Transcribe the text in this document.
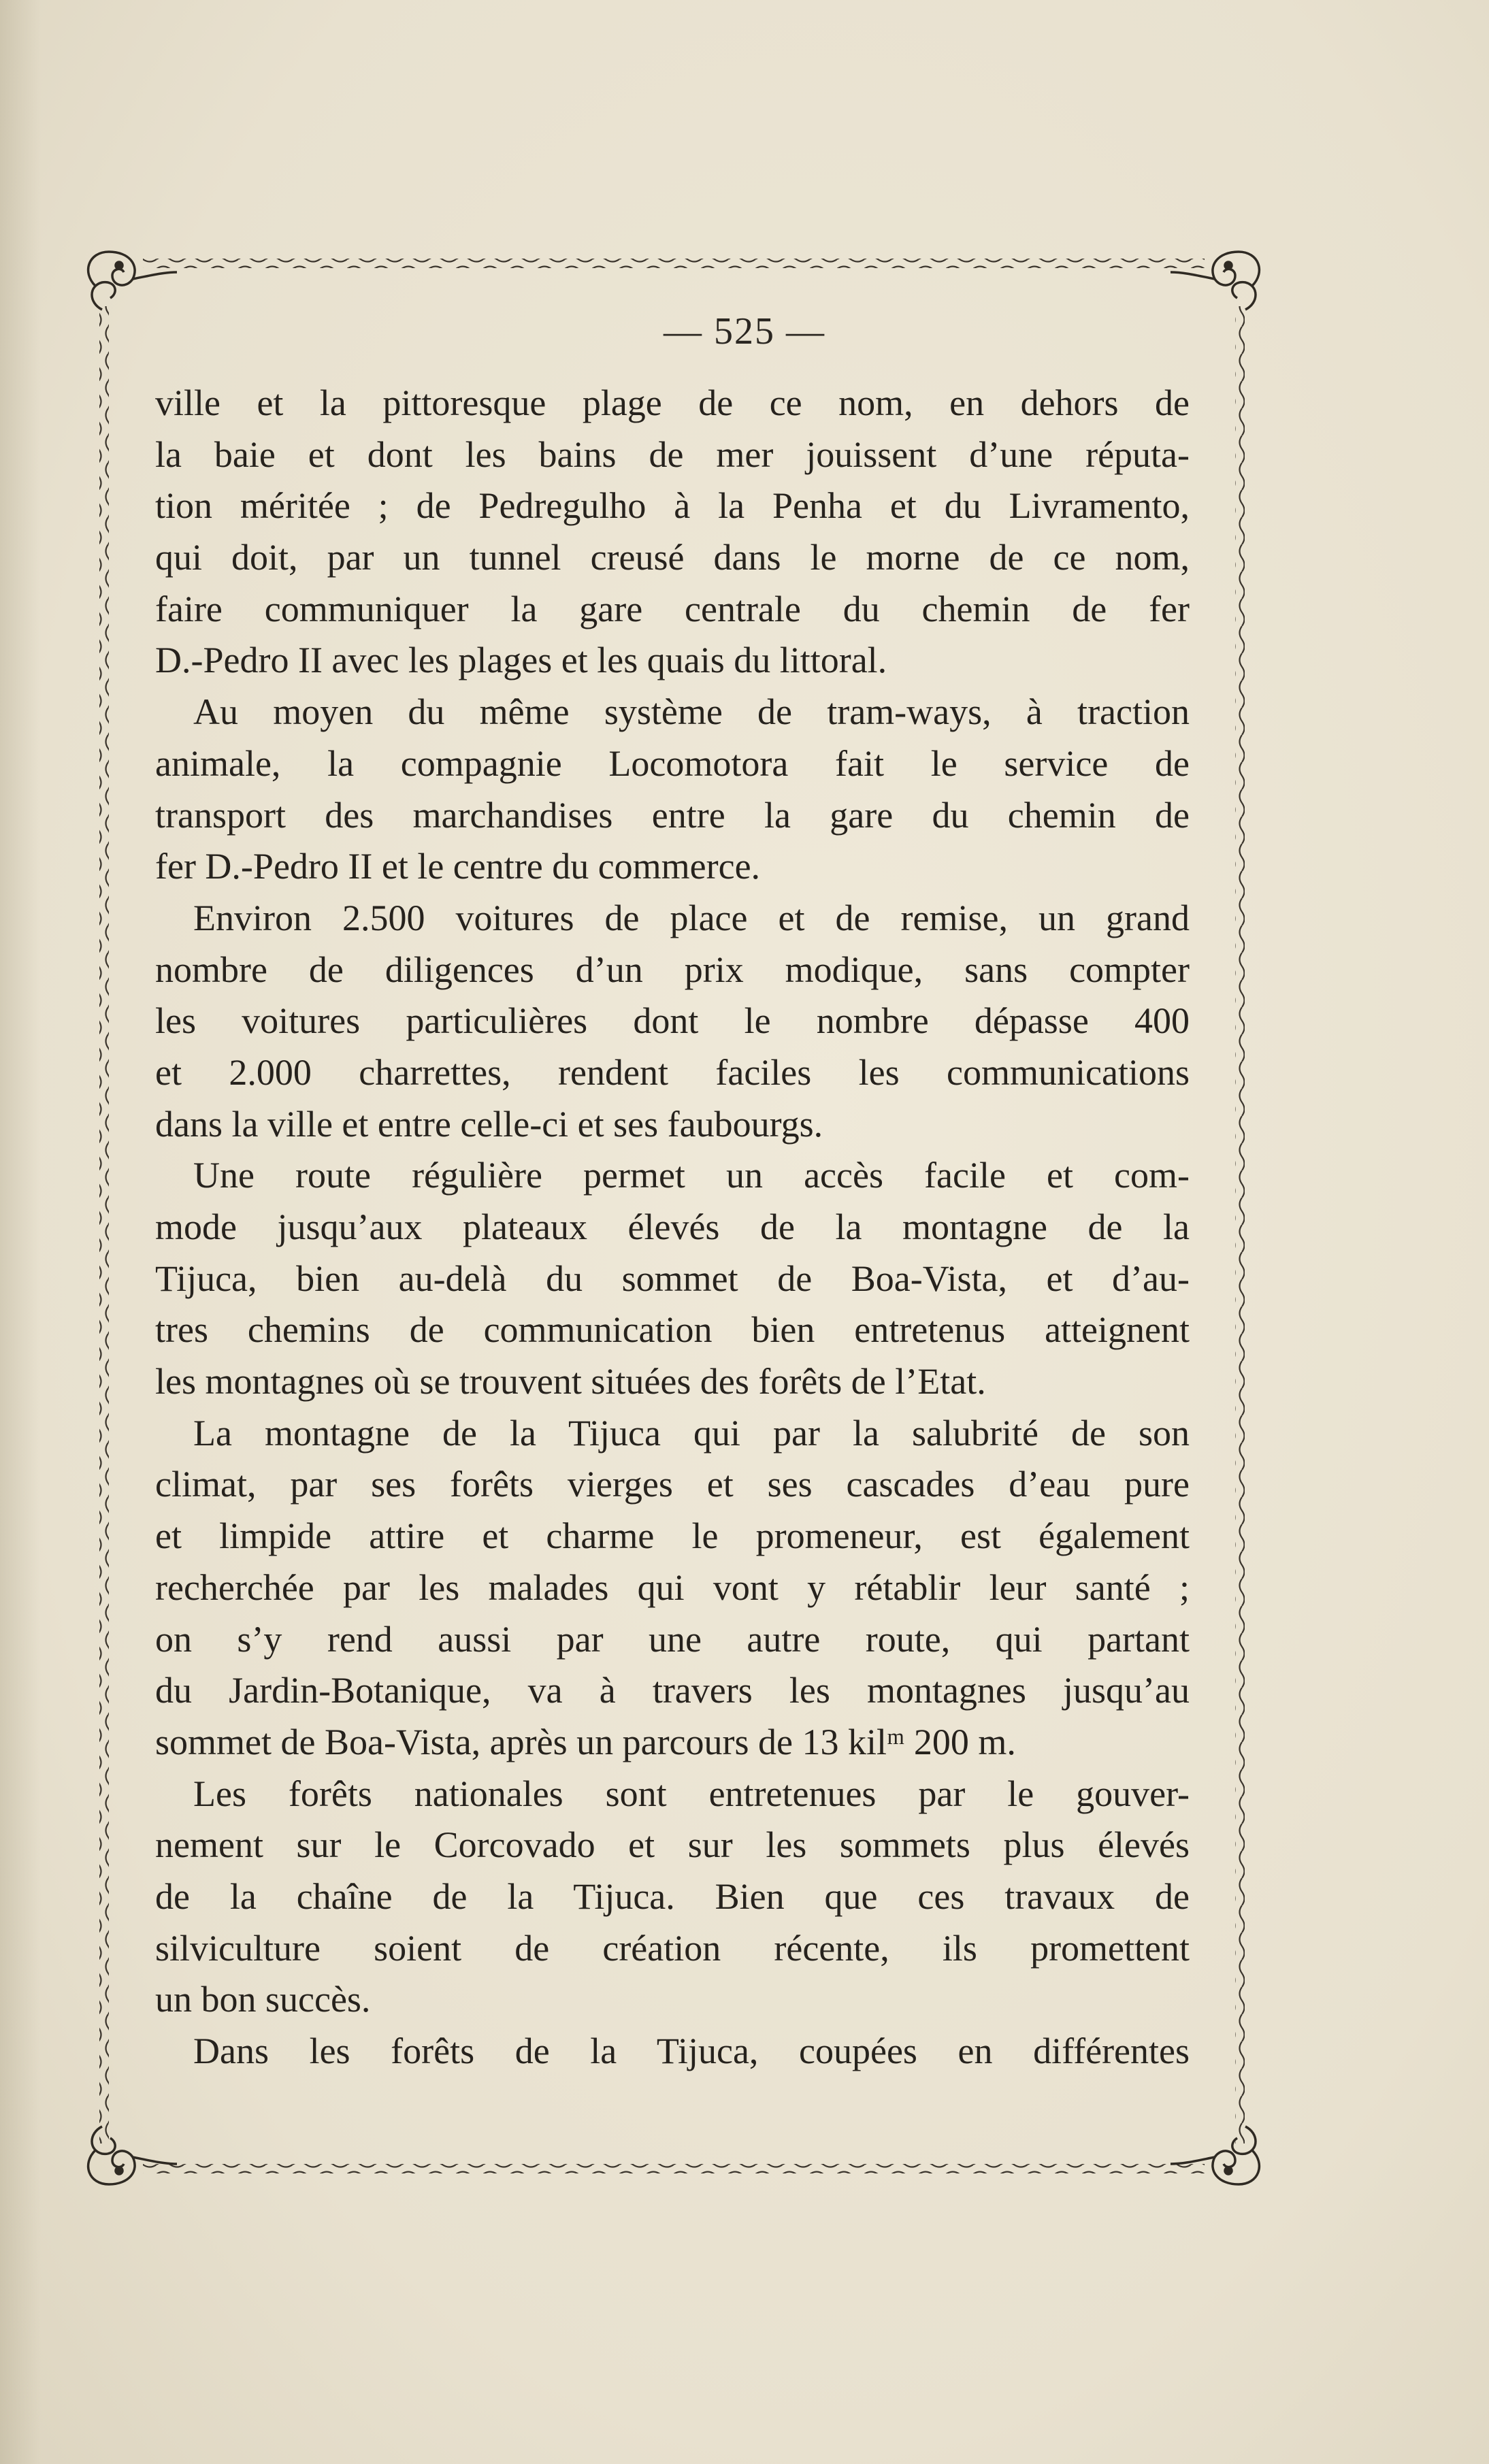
— 525 —
ville et la pittoresque plage de ce nom, en dehors de
la baie et dont les bains de mer jouissent d’une réputa-
tion méritée ; de Pedregulho à la Penha et du Livramento,
qui doit, par un tunnel creusé dans le morne de ce nom,
faire communiquer la gare centrale du chemin de fer
D.-Pedro II avec les plages et les quais du littoral.
Au moyen du même système de tram-ways, à traction
animale, la compagnie Locomotora fait le service de
transport des marchandises entre la gare du chemin de
fer D.-Pedro II et le centre du commerce.
Environ 2.500 voitures de place et de remise, un grand
nombre de diligences d’un prix modique, sans compter
les voitures particulières dont le nombre dépasse 400
et 2.000 charrettes, rendent faciles les communications
dans la ville et entre celle-ci et ses faubourgs.
Une route régulière permet un accès facile et com-
mode jusqu’aux plateaux élevés de la montagne de la
Tijuca, bien au-delà du sommet de Boa-Vista, et d’au-
tres chemins de communication bien entretenus atteignent
les montagnes où se trouvent situées des forêts de l’Etat.
La montagne de la Tijuca qui par la salubrité de son
climat, par ses forêts vierges et ses cascades d’eau pure
et limpide attire et charme le promeneur, est également
recherchée par les malades qui vont y rétablir leur santé ;
on s’y rend aussi par une autre route, qui partant
du Jardin-Botanique, va à travers les montagnes jusqu’au
sommet de Boa-Vista, après un parcours de 13 kilᵐ 200 m.
Les forêts nationales sont entretenues par le gouver-
nement sur le Corcovado et sur les sommets plus élevés
de la chaîne de la Tijuca. Bien que ces travaux de
silviculture soient de création récente, ils promettent
un bon succès.
Dans les forêts de la Tijuca, coupées en différentes
